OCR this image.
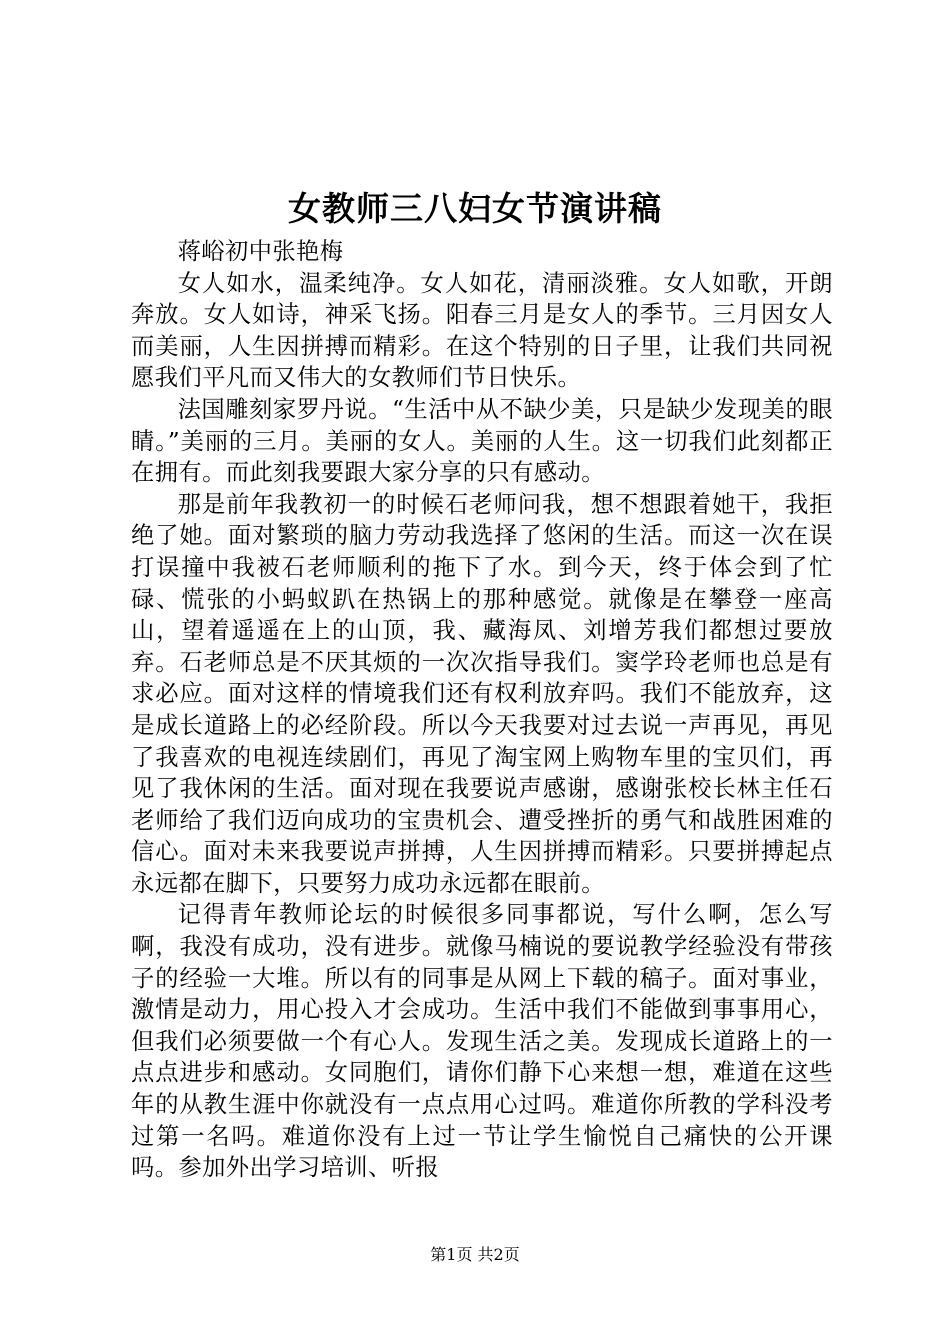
女教师三八妇女节演讲稿

蒋峪初中张艳梅

女人如水，温柔纯净。女人如花，清丽淡雅。女人如歌，开朗奔放。女人如诗，神采飞扬。阳春三月是女人的季节。三月因女人而美丽，人生因拼搏而精彩。在这个特别的日子里，让我们共同祝愿我们平凡而又伟大的女教师们节日快乐。

法国雕刻家罗丹说。“生活中从不缺少美，只是缺少发现美的眼睛。”美丽的三月。美丽的女人。美丽的人生。这一切我们此刻都正在拥有。而此刻我要跟大家分享的只有感动。

那是前年我教初一的时候石老师问我，想不想跟着她干，我拒绝了她。面对繁琐的脑力劳动我选择了悠闲的生活。而这一次在误打误撞中我被石老师顺利的拖下了水。到今天，终于体会到了忙碌、慌张的小蚂蚁趴在热锅上的那种感觉。就像是在攀登一座高山，望着遥遥在上的山顶，我、藏海凤、刘增芳我们都想过要放弃。石老师总是不厌其烦的一次次指导我们。窦学玲老师也总是有求必应。面对这样的情境我们还有权利放弃吗。我们不能放弃，这是成长道路上的必经阶段。所以今天我要对过去说一声再见，再见了我喜欢的电视连续剧们，再见了淘宝网上购物车里的宝贝们，再见了我休闲的生活。面对现在我要说声感谢，感谢张校长林主任石老师给了我们迈向成功的宝贵机会、遭受挫折的勇气和战胜困难的信心。面对未来我要说声拼搏，人生因拼搏而精彩。只要拼搏起点永远都在脚下，只要努力成功永远都在眼前。

记得青年教师论坛的时候很多同事都说，写什么啊，怎么写啊，我没有成功，没有进步。就像马楠说的要说教学经验没有带孩子的经验一大堆。所以有的同事是从网上下载的稿子。面对事业，激情是动力，用心投入才会成功。生活中我们不能做到事事用心，但我们必须要做一个有心人。发现生活之美。发现成长道路上的一点点进步和感动。女同胞们，请你们静下心来想一想，难道在这些年的从教生涯中你就没有一点点用心过吗。难道你所教的学科没考过第一名吗。难道你没有上过一节让学生愉悦自己痛快的公开课吗。参加外出学习培训、听报

第1页 共2页
